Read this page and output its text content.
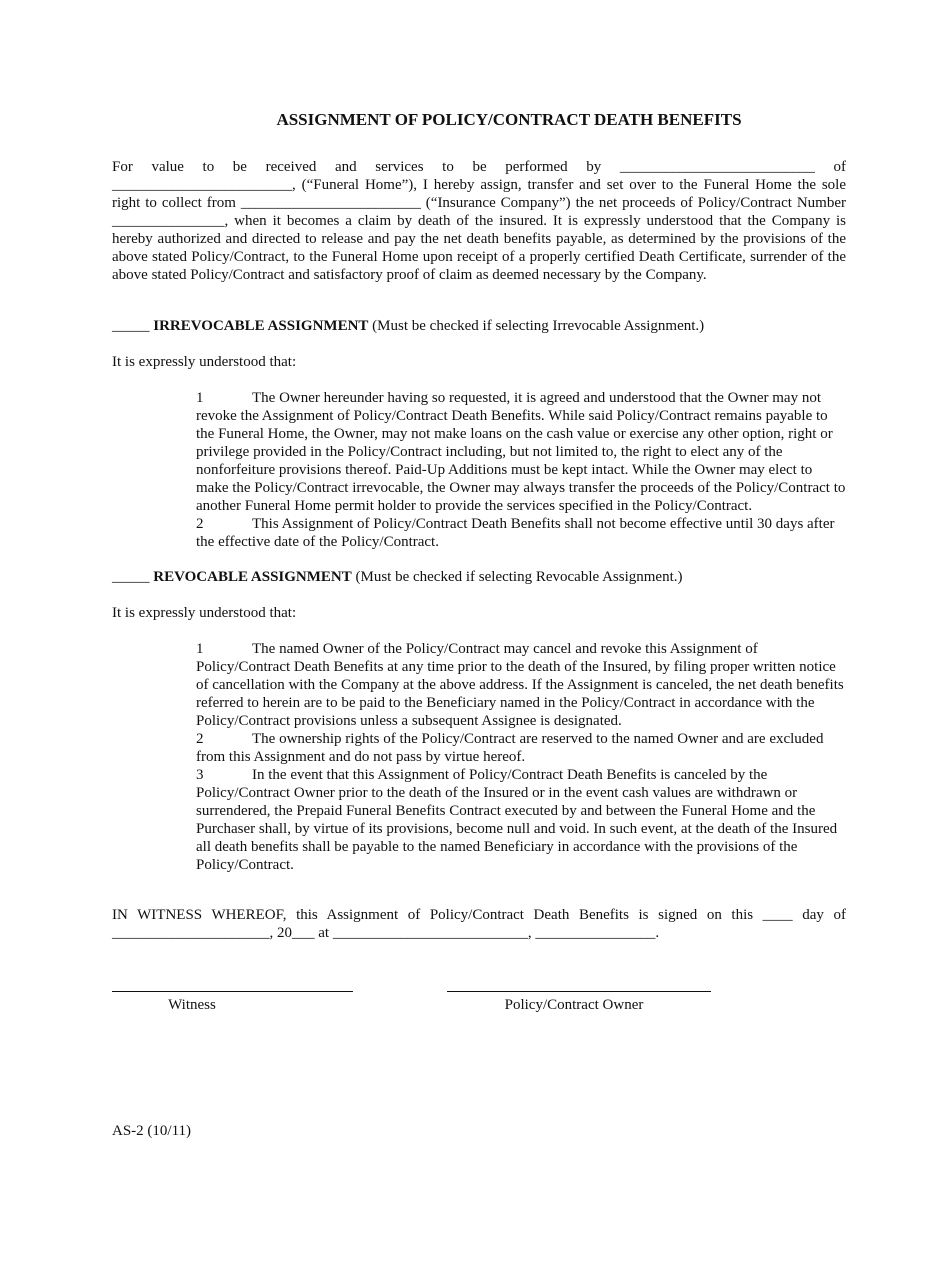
ASSIGNMENT OF POLICY/CONTRACT DEATH BENEFITS
For value to be received and services to be performed by __________________________ of ________________________, (“Funeral Home”), I hereby assign, transfer and set over to the Funeral Home the sole right to collect from ________________________ (“Insurance Company”) the net proceeds of Policy/Contract Number _______________, when it becomes a claim by death of the insured. It is expressly understood that the Company is hereby authorized and directed to release and pay the net death benefits payable, as determined by the provisions of the above stated Policy/Contract, to the Funeral Home upon receipt of a properly certified Death Certificate, surrender of the above stated Policy/Contract and satisfactory proof of claim as deemed necessary by the Company.
_____ IRREVOCABLE ASSIGNMENT (Must be checked if selecting Irrevocable Assignment.)
It is expressly understood that:

1	The Owner hereunder having so requested, it is agreed and understood that the Owner may not revoke the Assignment of Policy/Contract Death Benefits. While said Policy/Contract remains payable to the Funeral Home, the Owner, may not make loans on the cash value or exercise any other option, right or privilege provided in the Policy/Contract including, but not limited to, the right to elect any of the nonforfeiture provisions thereof. Paid-Up Additions must be kept intact. While the Owner may elect to make the Policy/Contract irrevocable, the Owner may always transfer the proceeds of the Policy/Contract to another Funeral Home permit holder to provide the services specified in the Policy/Contract.

2	This Assignment of Policy/Contract Death Benefits shall not become effective until 30 days after the effective date of the Policy/Contract.

_____ REVOCABLE ASSIGNMENT (Must be checked if selecting Revocable Assignment.)
It is expressly understood that:

1	The named Owner of the Policy/Contract may cancel and revoke this Assignment of Policy/Contract Death Benefits at any time prior to the death of the Insured, by filing proper written notice of cancellation with the Company at the above address. If the Assignment is canceled, the net death benefits referred to herein are to be paid to the Beneficiary named in the Policy/Contract in accordance with the Policy/Contract provisions unless a subsequent Assignee is designated.

2	The ownership rights of the Policy/Contract are reserved to the named Owner and are excluded from this Assignment and do not pass by virtue hereof.

3	In the event that this Assignment of Policy/Contract Death Benefits is canceled by the Policy/Contract Owner prior to the death of the Insured or in the event cash values are withdrawn or surrendered, the Prepaid Funeral Benefits Contract executed by and between the Funeral Home and the Purchaser shall, by virtue of its provisions, become null and void. In such event, at the death of the Insured all death benefits shall be payable to the named Beneficiary in accordance with the provisions of the Policy/Contract.

IN WITNESS WHEREOF, this Assignment of Policy/Contract Death Benefits is signed on this ____ day of _____________________, 20___ at __________________________, ________________.
Witness	Policy/Contract Owner
AS-2 (10/11)
